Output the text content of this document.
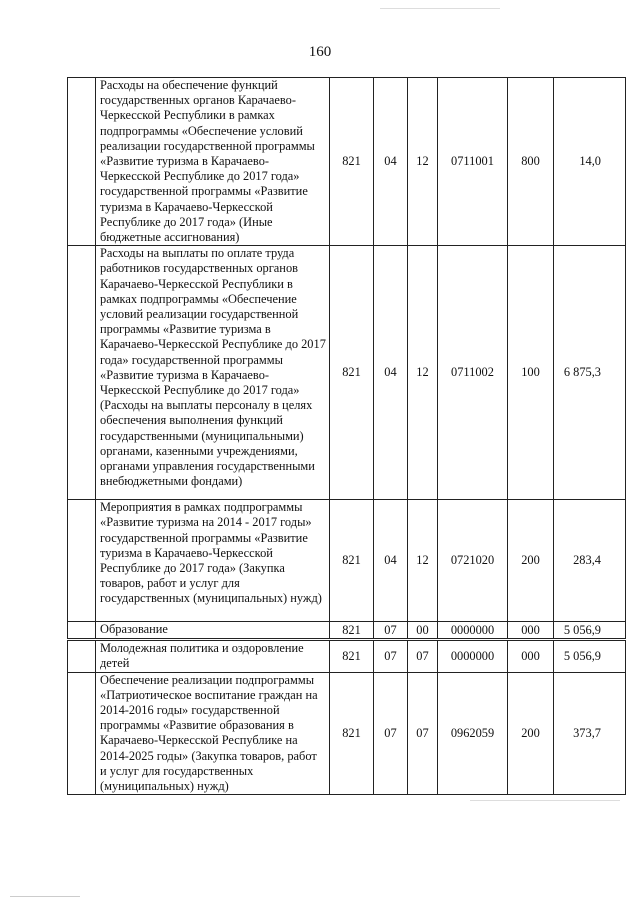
160
	Расходы на обеспечение функций государственных органов Карачаево-Черкесской Республики в рамках подпрограммы «Обеспечение условий реализации государственной программы «Развитие туризма в Карачаево-Черкесской Республике до 2017 года» государственной программы «Развитие туризма в Карачаево-Черкесской Республике до 2017 года» (Иные бюджетные ассигнования)	821	04	12	0711001	800	14,0
	Расходы на выплаты по оплате труда работников государственных органов Карачаево-Черкесской Республики в рамках подпрограммы «Обеспечение условий реализации государственной программы «Развитие туризма в Карачаево-Черкесской Республике до 2017 года» государственной программы «Развитие туризма в Карачаево-Черкесской Республике до 2017 года» (Расходы на выплаты персоналу в целях обеспечения выполнения функций государственными (муниципальными) органами, казенными учреждениями, органами управления государственными внебюджетными фондами)	821	04	12	0711002	100	6 875,3
	Мероприятия в рамках подпрограммы «Развитие туризма на 2014 - 2017 годы» государственной программы «Развитие туризма в Карачаево-Черкесской Республике до 2017 года» (Закупка товаров, работ и услуг для государственных (муниципальных) нужд)	821	04	12	0721020	200	283,4
	Образование	821	07	00	0000000	000	5 056,9
	Молодежная политика и оздоровление детей	821	07	07	0000000	000	5 056,9
	Обеспечение реализации подпрограммы «Патриотическое воспитание граждан на 2014-2016 годы» государственной программы «Развитие образования в Карачаево-Черкесской Республике на 2014-2025 годы» (Закупка товаров, работ и услуг для государственных (муниципальных) нужд)	821	07	07	0962059	200	373,7
